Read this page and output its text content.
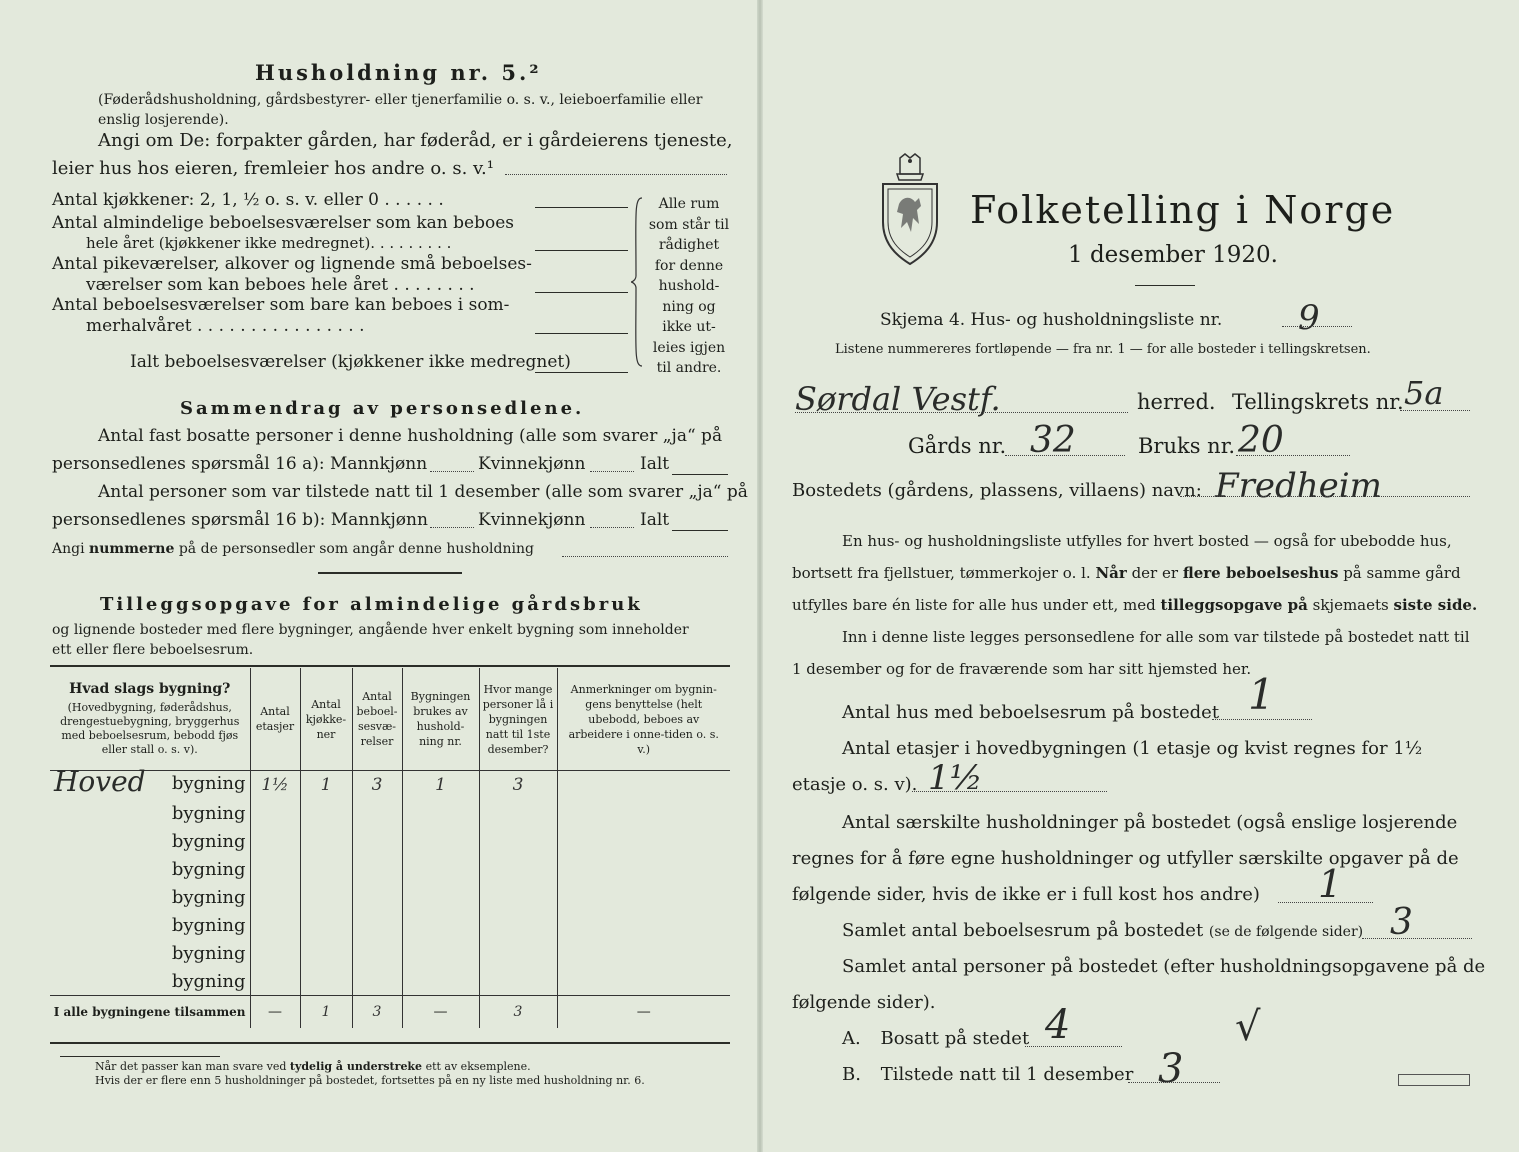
Husholdning nr. 5.²
(Føderådshusholdning, gårdsbestyrer- eller tjenerfamilie o. s. v., leieboerfamilie eller enslig losjerende).
Angi om De: forpakter gården, har føderåd, er i gårdeierens tjeneste,
leier hus hos eieren, fremleier hos andre o. s. v.¹
Antal kjøkkener: 2, 1, ½ o. s. v. eller 0 . . . . . .
Antal almindelige beboelsesværelser som kan beboes
hele året (kjøkkener ikke medregnet). . . . . . . . .
Antal pikeværelser, alkover og lignende små beboelses-
værelser som kan beboes hele året . . . . . . . .
Antal beboelsesværelser som bare kan beboes i som-
merhalvåret . . . . . . . . . . . . . . . .
Ialt beboelsesværelser (kjøkkener ikke medregnet)
Alle rum
som står til
rådighet
for denne
hushold-
ning og
ikke ut-
leies igjen
til andre.
Sammendrag av personsedlene.
Antal fast bosatte personer i denne husholdning (alle som svarer „ja“ på
personsedlenes spørsmål 16 a): Mannkjønn	Kvinnekjønn	Ialt
Antal personer som var tilstede natt til 1 desember (alle som svarer „ja“ på
personsedlenes spørsmål 16 b): Mannkjønn	Kvinnekjønn	Ialt
Angi nummerne på de personsedler som angår denne husholdning
Tilleggsopgave for almindelige gårdsbruk
og lignende bosteder med flere bygninger, angående hver enkelt bygning som inneholder
ett eller flere beboelsesrum.
Hvad slags bygning?
(Hovedbygning, føderådshus, drengestuebygning, bryggerhus med beboelsesrum, bebodd fjøs eller stall o. s. v).	Antal etasjer	Antal kjøkke-ner	Antal beboel-sesvæ-relser	Bygningen brukes av hushold-ning nr.	Hvor mange personer lå i bygningen natt til 1ste desember?	Anmerkninger om bygnin-gens benyttelse (helt ubebodd, beboes av arbeidere i onne-tiden o. s. v.)

Hoved bygning	1½	1	3	1	3	
bygning						
bygning						
bygning						
bygning						
bygning						
bygning						
bygning						
I alle bygningene tilsammen	—	1	3	—	3	—
Når det passer kan man svare ved tydelig å understreke ett av eksemplene.
Hvis der er flere enn 5 husholdninger på bostedet, fortsettes på en ny liste med husholdning nr. 6.
Folketelling i Norge
1 desember 1920.
Skjema 4. Hus- og husholdningsliste nr. 9
Listene nummereres fortløpende — fra nr. 1 — for alle bosteder i tellingskretsen.
Sørdal Vestf.	herred. Tellingskrets nr. 5a
Gårds nr. 32	Bruks nr. 20
Bostedets (gårdens, plassens, villaens) navn: Fredheim
En hus- og husholdningsliste utfylles for hvert bosted — også for ubebodde hus,
bortsett fra fjellstuer, tømmerkojer o. l. Når der er flere beboelseshus på samme gård
utfylles bare én liste for alle hus under ett, med tilleggsopgave på skjemaets siste side.
Inn i denne liste legges personsedlene for alle som var tilstede på bostedet natt til
1 desember og for de fraværende som har sitt hjemsted her.
Antal hus med beboelsesrum på bostedet 1
Antal etasjer i hovedbygningen (1 etasje og kvist regnes for 1½
etasje o. s. v). 1½
Antal særskilte husholdninger på bostedet (også enslige losjerende
regnes for å føre egne husholdninger og utfyller særskilte opgaver på de
følgende sider, hvis de ikke er i full kost hos andre) 1
Samlet antal beboelsesrum på bostedet (se de følgende sider) 3
Samlet antal personer på bostedet (efter husholdningsopgavene på de
følgende sider).
A. Bosatt på stedet 4	√
B. Tilstede natt til 1 desember 3
